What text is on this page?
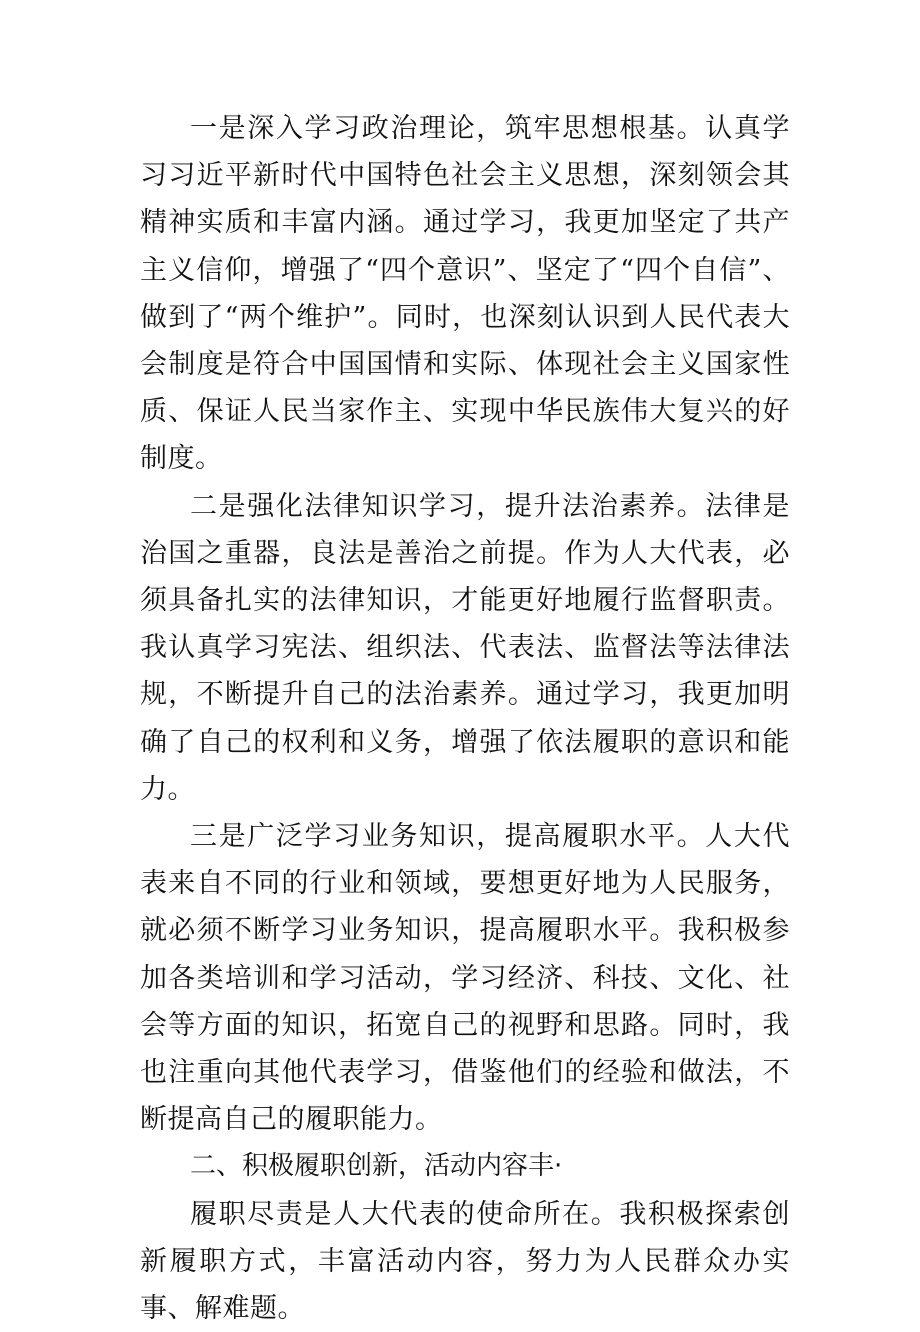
一是深入学习政治理论，筑牢思想根基。认真学习习近平新时代中国特色社会主义思想，深刻领会其精神实质和丰富内涵。通过学习，我更加坚定了共产主义信仰，增强了“四个意识”、坚定了“四个自信”、做到了“两个维护”。同时，也深刻认识到人民代表大会制度是符合中国国情和实际、体现社会主义国家性质、保证人民当家作主、实现中华民族伟大复兴的好制度。

二是强化法律知识学习，提升法治素养。法律是治国之重器，良法是善治之前提。作为人大代表，必须具备扎实的法律知识，才能更好地履行监督职责。我认真学习宪法、组织法、代表法、监督法等法律法规，不断提升自己的法治素养。通过学习，我更加明确了自己的权利和义务，增强了依法履职的意识和能力。

三是广泛学习业务知识，提高履职水平。人大代表来自不同的行业和领域，要想更好地为人民服务，就必须不断学习业务知识，提高履职水平。我积极参加各类培训和学习活动，学习经济、科技、文化、社会等方面的知识，拓宽自己的视野和思路。同时，我也注重向其他代表学习，借鉴他们的经验和做法，不断提高自己的履职能力。

二、积极履职创新，活动内容丰·

履职尽责是人大代表的使命所在。我积极探索创新履职方式，丰富活动内容，努力为人民群众办实事、解难题。
